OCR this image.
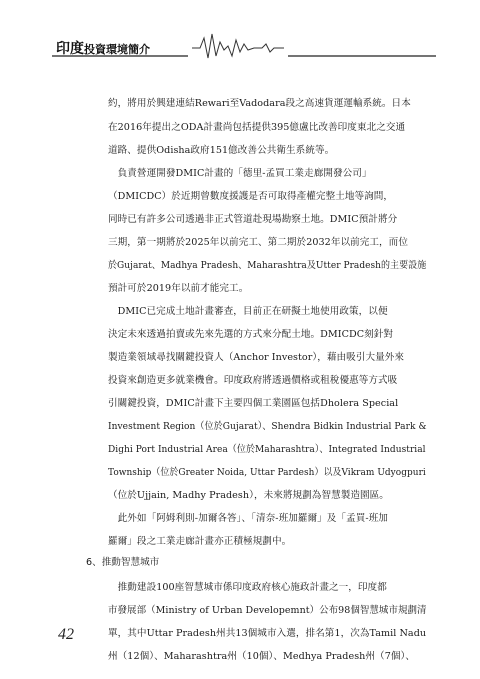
印度投資環境簡介
約，將用於興建連結Rewari至Vadodara段之高速貨運運輸系統。日本
在2016年提出之ODA計畫尚包括提供395億盧比改善印度東北之交通
道路、提供Odisha政府151億改善公共衛生系統等。
　負責營運開發DMIC計畫的「德里-孟買工業走廊開發公司」
（DMICDC）於近期曾數度援護是否可取得產權完整土地等詢問，
同時已有許多公司透過非正式管道赴現場勘察土地。DMIC預計將分
三期，第一期將於2025年以前完工、第二期於2032年以前完工，而位
於Gujarat、Madhya Pradesh、Maharashtra及Utter Pradesh的主要設施
預計可於2019年以前才能完工。
　DMIC已完成土地計畫審查，目前正在研擬土地使用政策，以便
決定未來透過拍賣或先來先選的方式來分配土地。DMICDC刻針對
製造業領域尋找關鍵投資人（Anchor Investor），藉由吸引大量外來
投資來創造更多就業機會。印度政府將透過價格或租稅優惠等方式吸
引關鍵投資，DMIC計畫下主要四個工業園區包括Dholera Special
Investment Region（位於Gujarat）、Shendra Bidkin Industrial Park &
Dighi Port Industrial Area（位於Maharashtra）、Integrated Industrial
Township（位於Greater Noida, Uttar Pardesh）以及Vikram Udyogpuri
（位於Ujjain, Madhy Pradesh），未來將規劃為智慧製造園區。
　此外如「阿姆利則-加爾各答」、「清奈-班加羅爾」及「孟買-班加
羅爾」段之工業走廊計畫亦正積極規劃中。
6、推動智慧城市
　推動建設100座智慧城市係印度政府核心施政計畫之一，印度都
市發展部（Ministry of Urban Developemnt）公布98個智慧城市規劃清
單，其中Uttar Pradesh州共13個城市入選，排名第1，次為Tamil Nadu
州（12個）、Maharashtra州（10個）、Medhya Pradesh州（7個）、
42
